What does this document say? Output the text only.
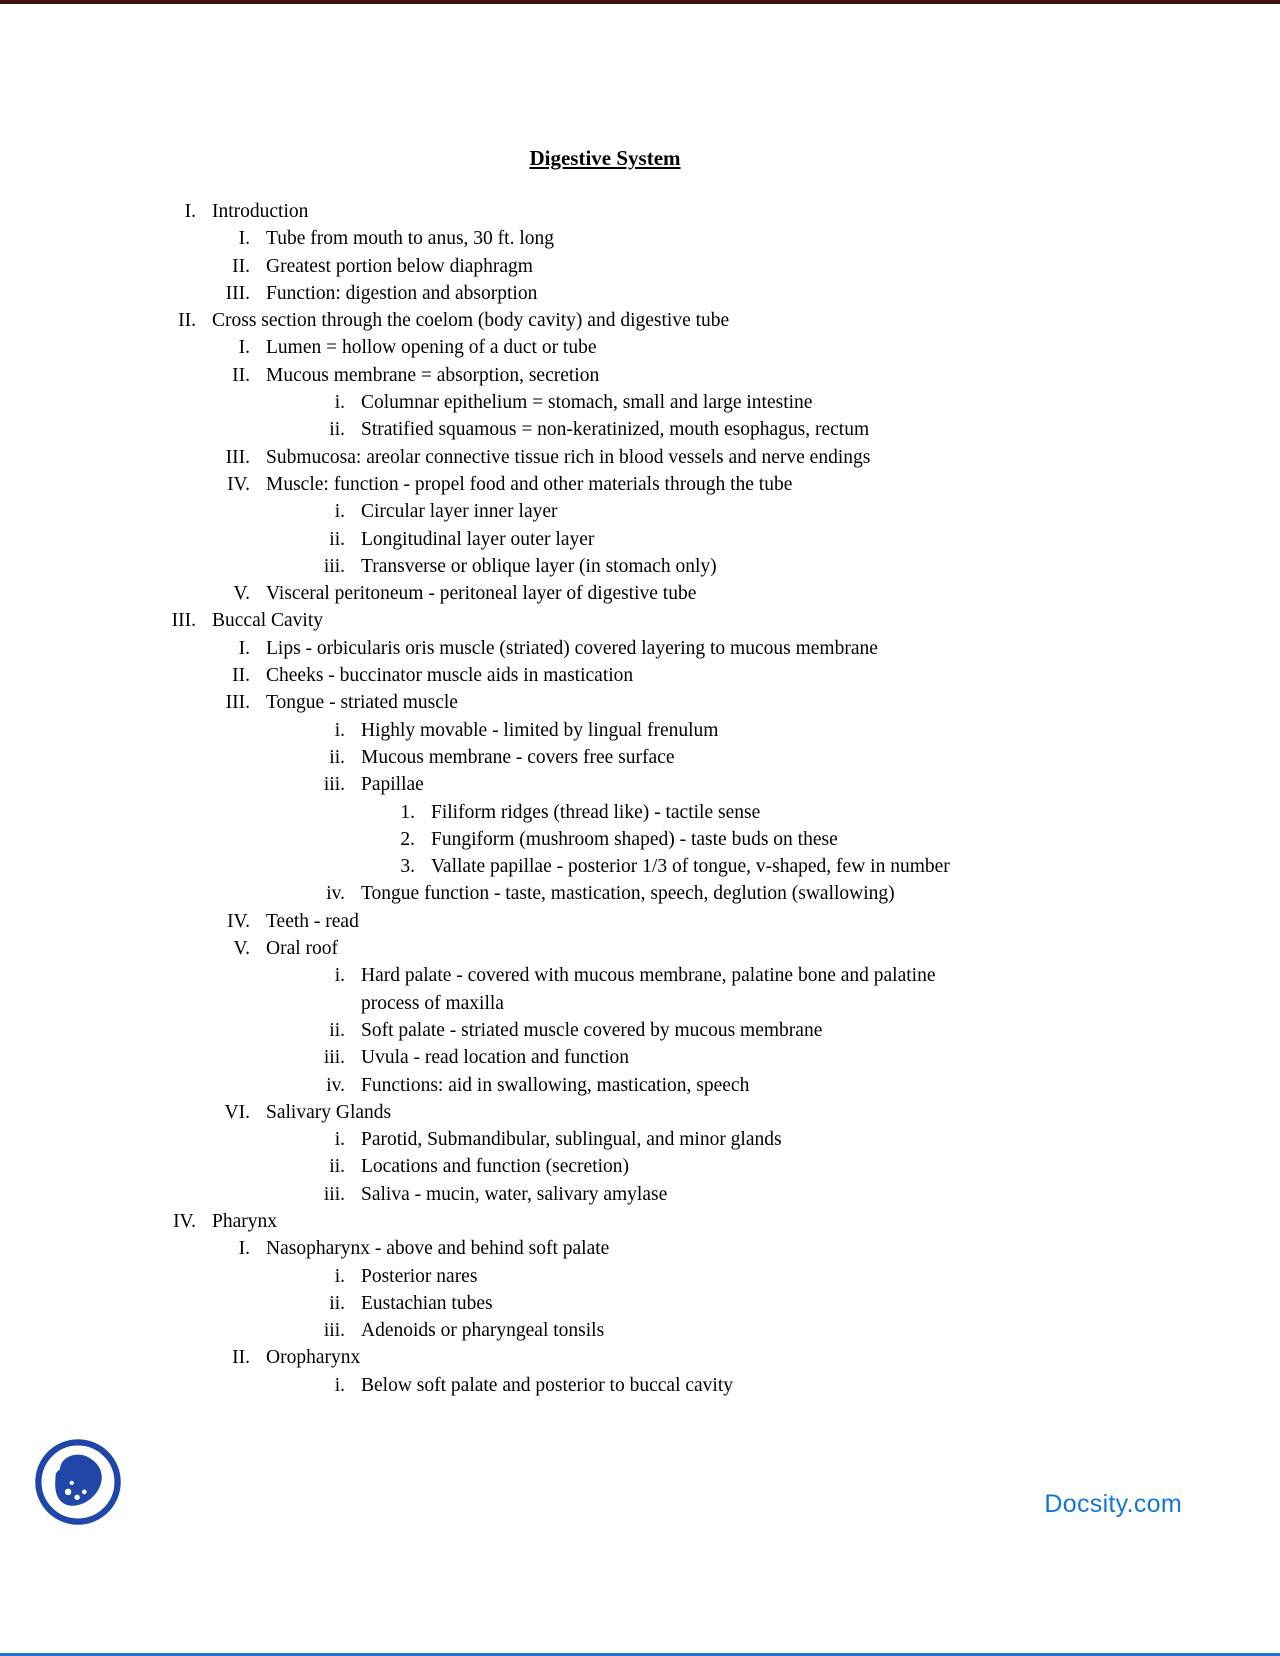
Digestive System
I. Introduction
I. Tube from mouth to anus, 30 ft. long
II. Greatest portion below diaphragm
III. Function: digestion and absorption
II. Cross section through the coelom (body cavity) and digestive tube
I. Lumen = hollow opening of a duct or tube
II. Mucous membrane = absorption, secretion
i. Columnar epithelium = stomach, small and large intestine
ii. Stratified squamous = non-keratinized, mouth esophagus, rectum
III. Submucosa: areolar connective tissue rich in blood vessels and nerve endings
IV. Muscle: function - propel food and other materials through the tube
i. Circular layer inner layer
ii. Longitudinal layer outer layer
iii. Transverse or oblique layer (in stomach only)
V. Visceral peritoneum - peritoneal layer of digestive tube
III. Buccal Cavity
I. Lips - orbicularis oris muscle (striated) covered layering to mucous membrane
II. Cheeks - buccinator muscle aids in mastication
III. Tongue - striated muscle
i. Highly movable - limited by lingual frenulum
ii. Mucous membrane - covers free surface
iii. Papillae
1. Filiform ridges (thread like) - tactile sense
2. Fungiform (mushroom shaped) - taste buds on these
3. Vallate papillae - posterior 1/3 of tongue, v-shaped, few in number
iv. Tongue function - taste, mastication, speech, deglution (swallowing)
IV. Teeth - read
V. Oral roof
i. Hard palate - covered with mucous membrane, palatine bone and palatine
process of maxilla
ii. Soft palate - striated muscle covered by mucous membrane
iii. Uvula - read location and function
iv. Functions: aid in swallowing, mastication, speech
VI. Salivary Glands
i. Parotid, Submandibular, sublingual, and minor glands
ii. Locations and function (secretion)
iii. Saliva - mucin, water, salivary amylase
IV. Pharynx
I. Nasopharynx - above and behind soft palate
i. Posterior nares
ii. Eustachian tubes
iii. Adenoids or pharyngeal tonsils
II. Oropharynx
i. Below soft palate and posterior to buccal cavity
Docsity.com
